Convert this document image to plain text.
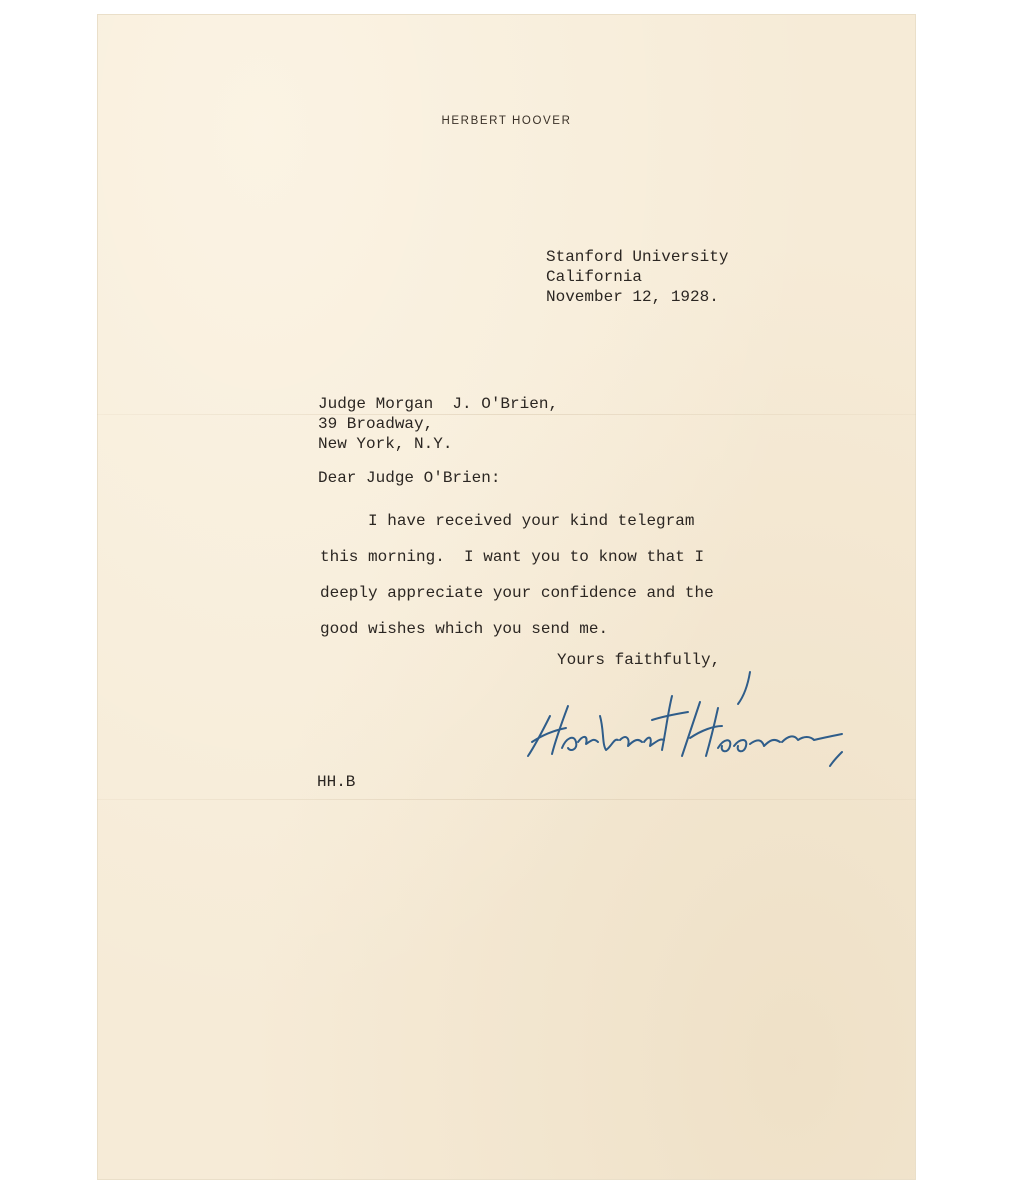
HERBERT HOOVER
Stanford University
California
November 12, 1928.
Judge Morgan  J. O'Brien,
39 Broadway,
New York, N.Y.
Dear Judge O'Brien:
I have received your kind telegram
this morning.  I want you to know that I
deeply appreciate your confidence and the
good wishes which you send me.
Yours faithfully,
HH.B
